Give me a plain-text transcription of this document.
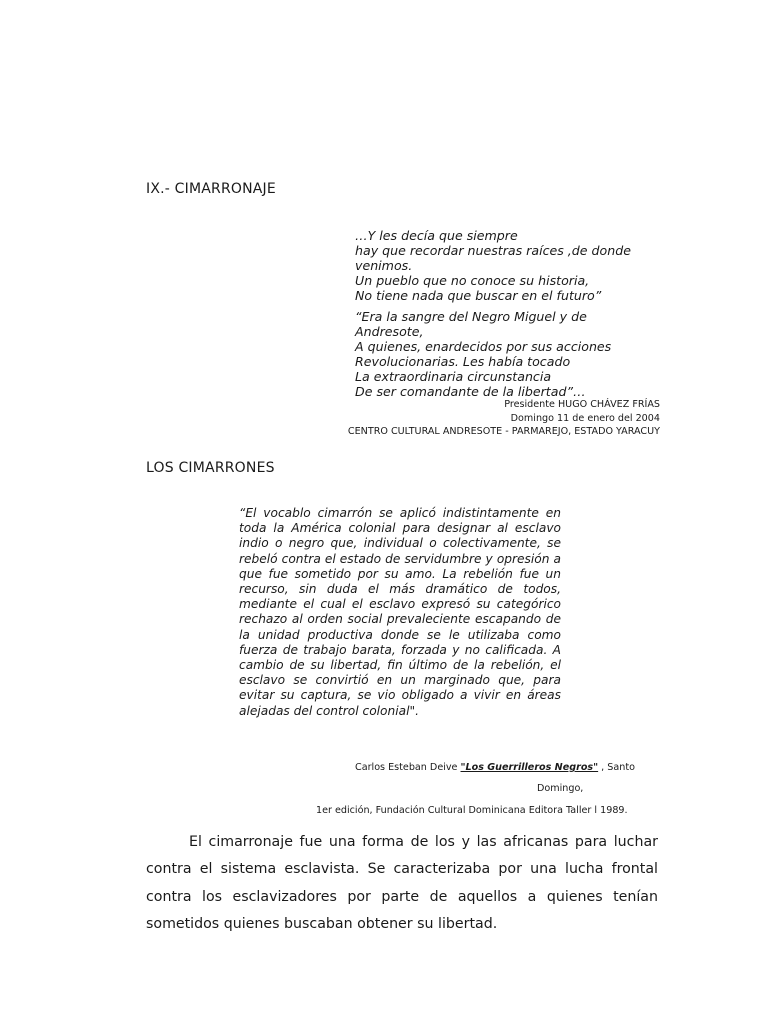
IX.- CIMARRONAJE
…Y les decía que siempre
hay que recordar nuestras raíces ,de donde
venimos.
Un pueblo que no conoce su historia,
No tiene nada que buscar en el futuro”
“Era la sangre del Negro Miguel y de
Andresote,
A quienes, enardecidos por sus acciones
Revolucionarias. Les había tocado
La extraordinaria circunstancia
De ser comandante de la libertad”…
Presidente HUGO CHÁVEZ FRÍAS
Domingo 11 de enero del 2004
CENTRO CULTURAL ANDRESOTE - PARMAREJO, ESTADO YARACUY
LOS CIMARRONES

“El vocablo cimarrón se aplicó indistintamente en toda la América colonial para designar al esclavo indio o negro que, individual o colectivamente, se rebeló contra el estado de servidumbre y opresión a que fue sometido por su amo. La rebelión fue un recurso, sin duda el más dramático de todos, mediante el cual el esclavo expresó su categórico rechazo al orden social prevaleciente escapando de la unidad productiva donde se le utilizaba como fuerza de trabajo barata, forzada y no calificada. A cambio de su libertad, fin último de la rebelión, el esclavo se convirtió en un marginado que, para evitar su captura, se vio obligado a vivir en áreas alejadas del control colonial".

Carlos Esteban Deive "Los Guerrilleros Negros" , Santo
Domingo,
1er edición, Fundación Cultural Dominicana Editora Taller l 1989.

El cimarronaje fue una forma de los y las africanas para luchar contra el sistema esclavista. Se caracterizaba por una lucha frontal contra los esclavizadores por parte de aquellos a quienes tenían sometidos quienes buscaban obtener su libertad.
